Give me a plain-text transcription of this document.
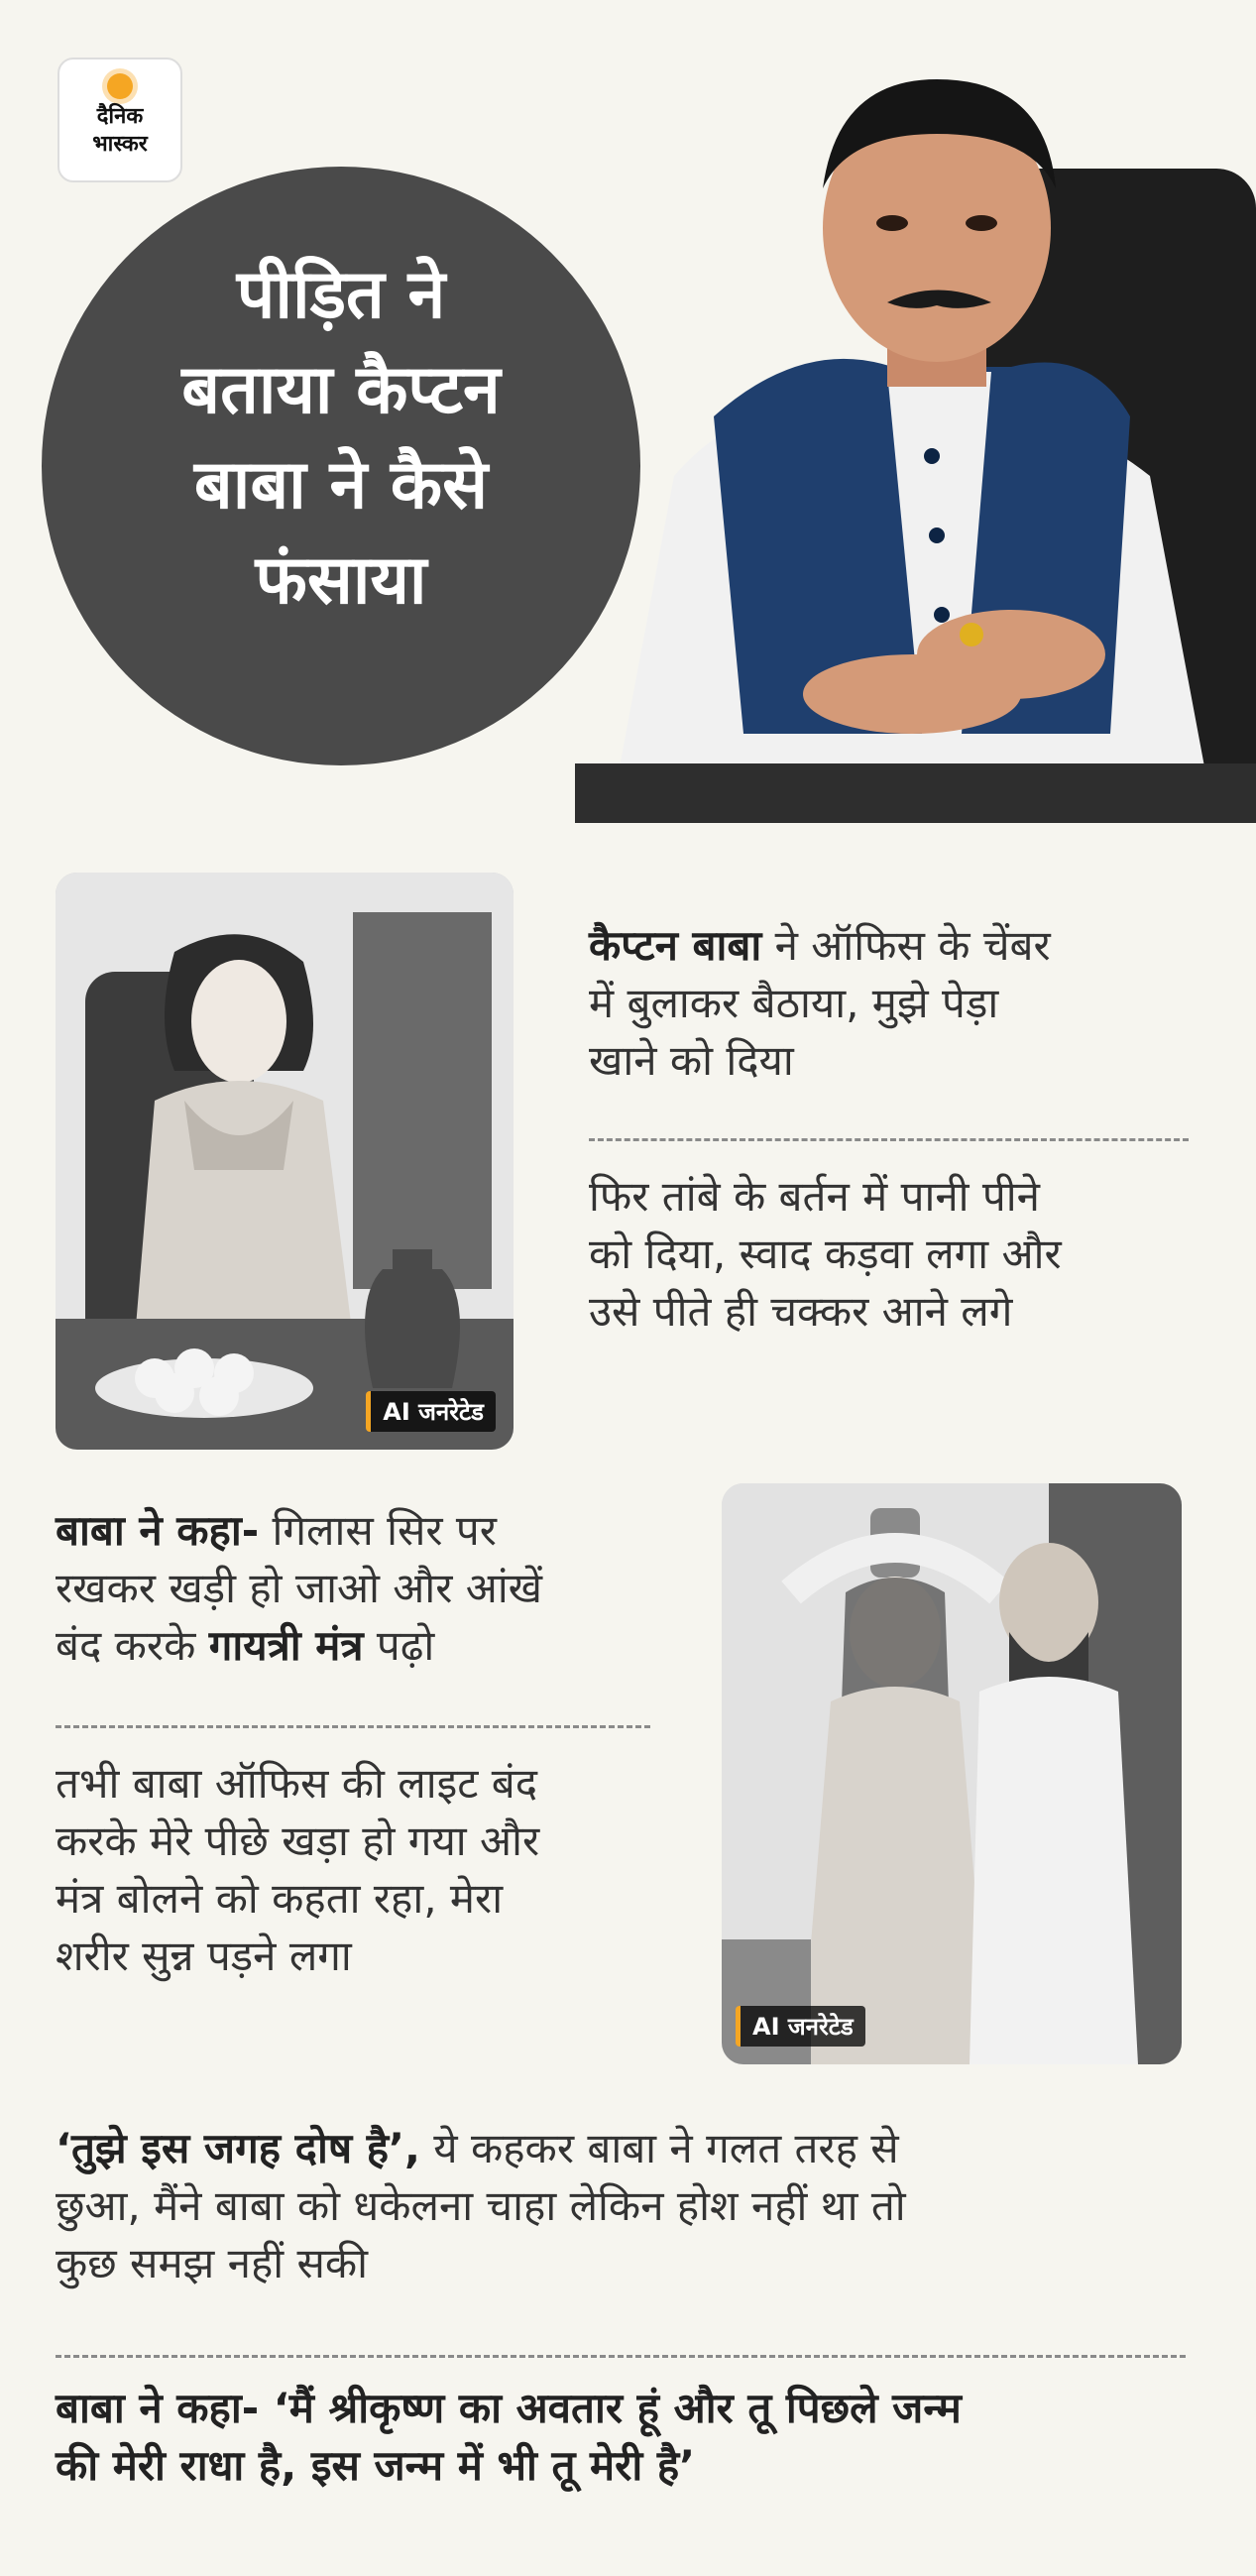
दैनिक
भास्कर
पीड़ित ने
बताया कैप्टन
बाबा ने कैसे
फंसाया
AI जनरेटेड
कैप्टन बाबा ने ऑफिस के चेंबर
में बुलाकर बैठाया, मुझे पेड़ा
खाने को दिया
फिर तांबे के बर्तन में पानी पीने
को दिया, स्वाद कड़वा लगा और
उसे पीते ही चक्कर आने लगे
बाबा ने कहा- गिलास सिर पर
रखकर खड़ी हो जाओ और आंखें
बंद करके गायत्री मंत्र पढ़ो
तभी बाबा ऑफिस की लाइट बंद
करके मेरे पीछे खड़ा हो गया और
मंत्र बोलने को कहता रहा, मेरा
शरीर सुन्न पड़ने लगा
AI जनरेटेड
‘तुझे इस जगह दोष है’, ये कहकर बाबा ने गलत तरह से
छुआ, मैंने बाबा को धकेलना चाहा लेकिन होश नहीं था तो
कुछ समझ नहीं सकी
बाबा ने कहा- ‘मैं श्रीकृष्ण का अवतार हूं और तू पिछले जन्म
की मेरी राधा है, इस जन्म में भी तू मेरी है’
